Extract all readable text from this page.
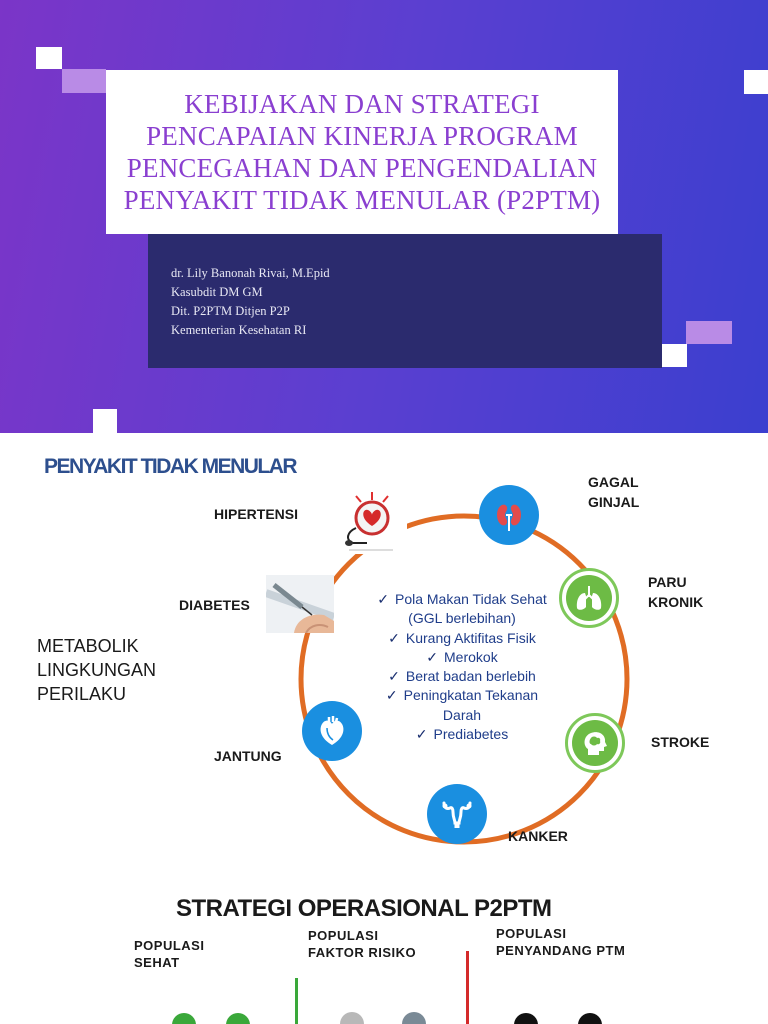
KEBIJAKAN DAN STRATEGI
PENCAPAIAN KINERJA PROGRAM
PENCEGAHAN DAN PENGENDALIAN
PENYAKIT TIDAK MENULAR (P2PTM)
dr. Lily Banonah Rivai, M.Epid
Kasubdit DM GM
Dit. P2PTM Ditjen P2P
Kementerian Kesehatan RI
PENYAKIT TIDAK MENULAR
HIPERTENSI
DIABETES
GAGAL
GINJAL
PARU
KRONIK
STROKE
KANKER
JANTUNG
METABOLIK
LINGKUNGAN
PERILAKU
✓ Pola Makan Tidak Sehat
(GGL berlebihan)
✓ Kurang Aktifitas Fisik
✓ Merokok
✓ Berat badan berlebih
✓ Peningkatan Tekanan
Darah
✓ Prediabetes
STRATEGI OPERASIONAL P2PTM
POPULASI
SEHAT
POPULASI
FAKTOR RISIKO
POPULASI
PENYANDANG PTM
